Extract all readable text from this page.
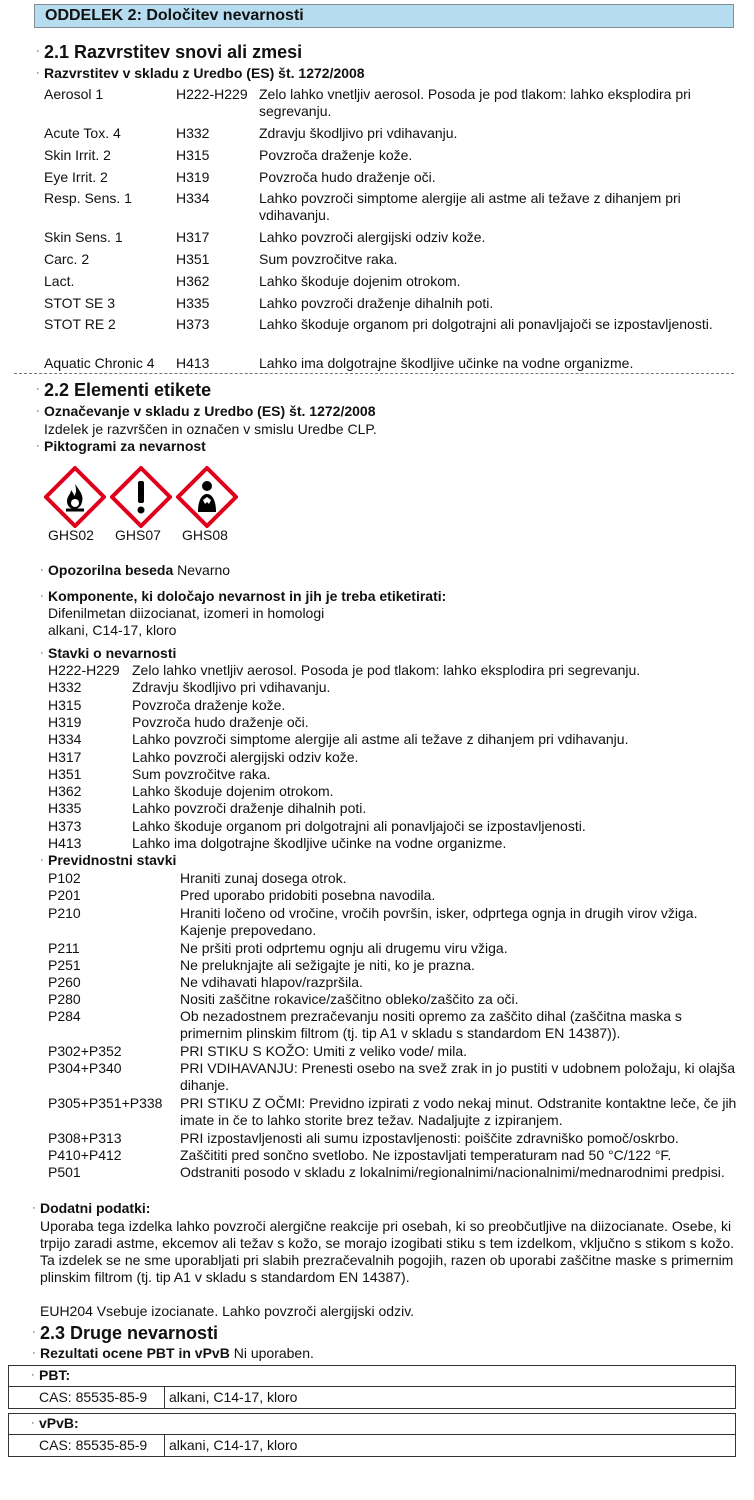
ODDELEK 2: Določitev nevarnosti
· 2.1 Razvrstitev snovi ali zmesi
· Razvrstitev v skladu z Uredbo (ES) št. 1272/2008
Aerosol 1	H222-H229 Zelo lahko vnetljiv aerosol. Posoda je pod tlakom: lahko eksplodira pri segrevanju.
Acute Tox. 4	H332	Zdravju škodljivo pri vdihavanju.
Skin Irrit. 2	H315	Povzroča draženje kože.
Eye Irrit. 2	H319	Povzroča hudo draženje oči.
Resp. Sens. 1	H334	Lahko povzroči simptome alergije ali astme ali težave z dihanjem pri vdihavanju.
Skin Sens. 1	H317	Lahko povzroči alergijski odziv kože.
Carc. 2	H351	Sum povzročitve raka.
Lact.	H362	Lahko škoduje dojenim otrokom.
STOT SE 3	H335	Lahko povzroči draženje dihalnih poti.
STOT RE 2	H373	Lahko škoduje organom pri dolgotrajni ali ponavljajoči se izpostavljenosti.
Aquatic Chronic 4 H413	Lahko ima dolgotrajne škodljive učinke na vodne organizme.
· 2.2 Elementi etikete
· Označevanje v skladu z Uredbo (ES) št. 1272/2008
Izdelek je razvrščen in označen v smislu Uredbe CLP.
· Piktogrami za nevarnost
GHS02 GHS07 GHS08
· Opozorilna beseda Nevarno
· Komponente, ki določajo nevarnost in jih je treba etiketirati:
Difenilmetan diizocianat, izomeri in homologi
alkani, C14-17, kloro
· Stavki o nevarnosti
H222-H229 Zelo lahko vnetljiv aerosol. Posoda je pod tlakom: lahko eksplodira pri segrevanju.
H332	Zdravju škodljivo pri vdihavanju.
H315	Povzroča draženje kože.
H319	Povzroča hudo draženje oči.
H334	Lahko povzroči simptome alergije ali astme ali težave z dihanjem pri vdihavanju.
H317	Lahko povzroči alergijski odziv kože.
H351	Sum povzročitve raka.
H362	Lahko škoduje dojenim otrokom.
H335	Lahko povzroči draženje dihalnih poti.
H373	Lahko škoduje organom pri dolgotrajni ali ponavljajoči se izpostavljenosti.
H413	Lahko ima dolgotrajne škodljive učinke na vodne organizme.
· Previdnostni stavki
P102	Hraniti zunaj dosega otrok.
P201	Pred uporabo pridobiti posebna navodila.
P210	Hraniti ločeno od vročine, vročih površin, isker, odprtega ognja in drugih virov vžiga. Kajenje prepovedano.
P211	Ne pršiti proti odprtemu ognju ali drugemu viru vžiga.
P251	Ne preluknjajte ali sežigajte je niti, ko je prazna.
P260	Ne vdihavati hlapov/razpršila.
P280	Nositi zaščitne rokavice/zaščitno obleko/zaščito za oči.
P284	Ob nezadostnem prezračevanju nositi opremo za zaščito dihal (zaščitna maska s primernim plinskim filtrom (tj. tip A1 v skladu s standardom EN 14387)).
P302+P352	PRI STIKU S KOŽO: Umiti z veliko vode/ mila.
P304+P340	PRI VDIHAVANJU: Prenesti osebo na svež zrak in jo pustiti v udobnem položaju, ki olajša dihanje.
P305+P351+P338 PRI STIKU Z OČMI: Previdno izpirati z vodo nekaj minut. Odstranite kontaktne leče, če jih imate in če to lahko storite brez težav. Nadaljujte z izpiranjem.
P308+P313	PRI izpostavljenosti ali sumu izpostavljenosti: poiščite zdravniško pomoč/oskrbo.
P410+P412	Zaščititi pred sončno svetlobo. Ne izpostavljati temperaturam nad 50 °C/122 °F.
P501	Odstraniti posodo v skladu z lokalnimi/regionalnimi/nacionalnimi/mednarodnimi predpisi.
· Dodatni podatki:
Uporaba tega izdelka lahko povzroči alergične reakcije pri osebah, ki so preobčutljive na diizocianate. Osebe, ki trpijo zaradi astme, ekcemov ali težav s kožo, se morajo izogibati stiku s tem izdelkom, vključno s stikom s kožo. Ta izdelek se ne sme uporabljati pri slabih prezračevalnih pogojih, razen ob uporabi zaščitne maske s primernim plinskim filtrom (tj. tip A1 v skladu s standardom EN 14387).
EUH204 Vsebuje izocianate. Lahko povzroči alergijski odziv.
· 2.3 Druge nevarnosti
· Rezultati ocene PBT in vPvB Ni uporaben.
· PBT:
CAS: 85535-85-9 alkani, C14-17, kloro
· vPvB:
CAS: 85535-85-9 alkani, C14-17, kloro
